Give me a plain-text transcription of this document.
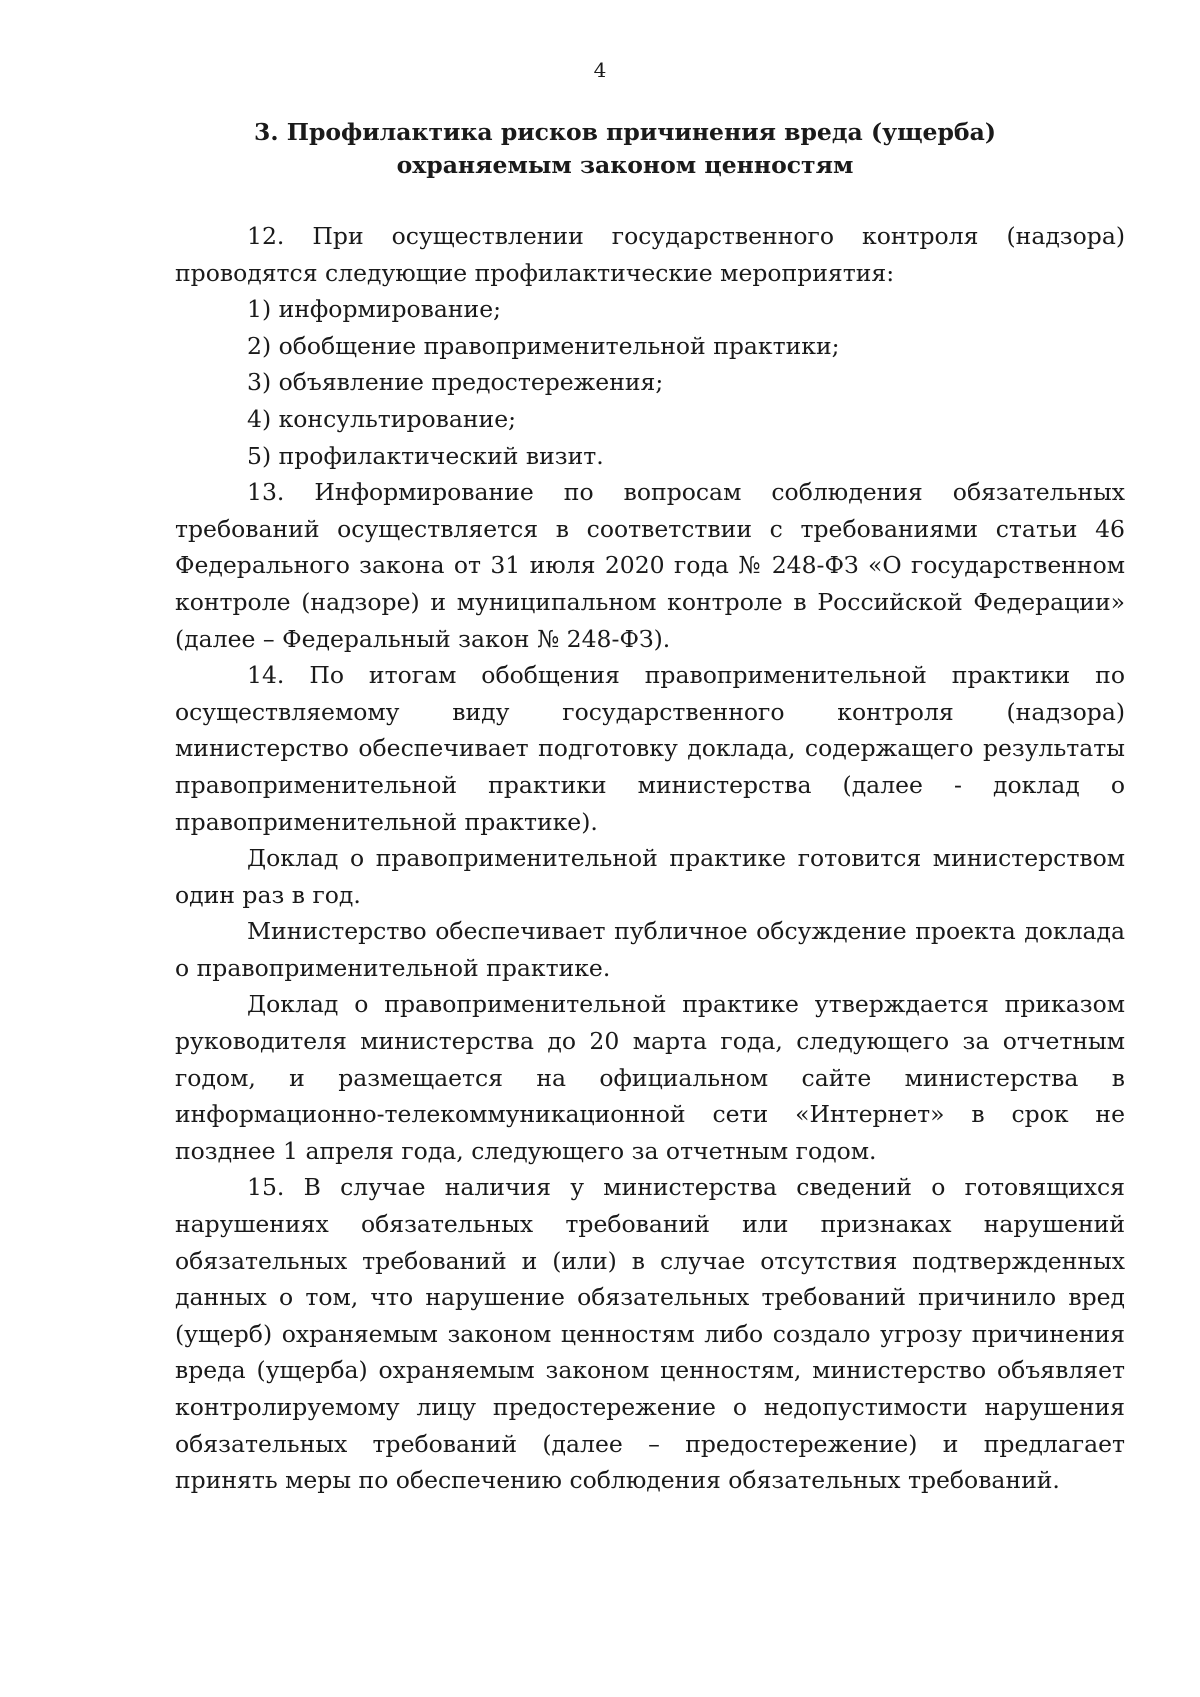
4
3. Профилактика рисков причинения вреда (ущерба)
охраняемым законом ценностям

12. При осуществлении государственного контроля (надзора) проводятся следующие профилактические мероприятия:

1) информирование;

2) обобщение правоприменительной практики;

3) объявление предостережения;

4) консультирование;

5) профилактический визит.

13. Информирование по вопросам соблюдения обязательных требований осуществляется в соответствии с требованиями статьи 46 Федерального закона от 31 июля 2020 года № 248-ФЗ «О государственном контроле (надзоре) и муниципальном контроле в Российской Федерации» (далее – Федеральный закон № 248-ФЗ).

14. По итогам обобщения правоприменительной практики по осуществляемому виду государственного контроля (надзора) министерство обеспечивает подготовку доклада, содержащего результаты правоприменительной практики министерства (далее - доклад о правоприменительной практике).

Доклад о правоприменительной практике готовится министерством один раз в год.

Министерство обеспечивает публичное обсуждение проекта доклада о правоприменительной практике.

Доклад о правоприменительной практике утверждается приказом руководителя министерства до 20 марта года, следующего за отчетным годом, и размещается на официальном сайте министерства в информационно-телекоммуникационной сети «Интернет» в срок не позднее 1 апреля года, следующего за отчетным годом.

15. В случае наличия у министерства сведений о готовящихся нарушениях обязательных требований или признаках нарушений обязательных требований и (или) в случае отсутствия подтвержденных данных о том, что нарушение обязательных требований причинило вред (ущерб) охраняемым законом ценностям либо создало угрозу причинения вреда (ущерба) охраняемым законом ценностям, министерство объявляет контролируемому лицу предостережение о недопустимости нарушения обязательных требований (далее – предостережение) и предлагает принять меры по обеспечению соблюдения обязательных требований.
